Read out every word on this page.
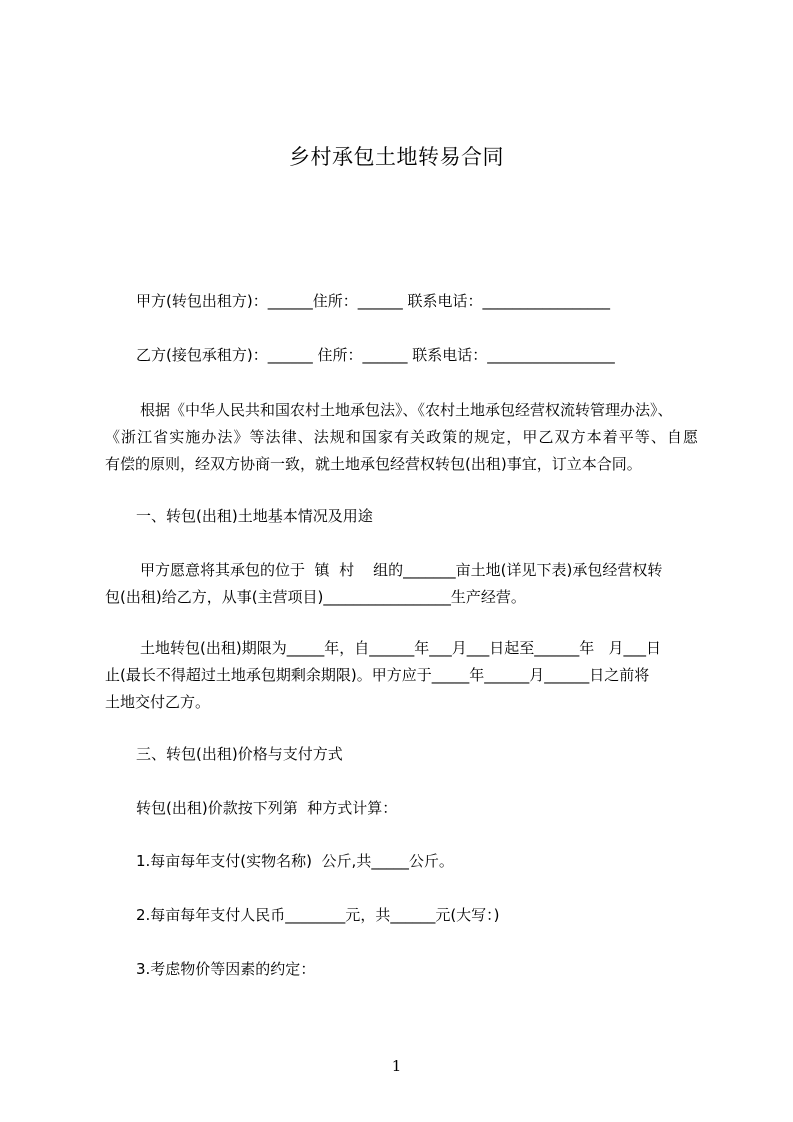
乡村承包土地转易合同
甲方(转包出租方)：______住所：______ 联系电话：_________________
乙方(接包承租方)：______ 住所：______ 联系电话：_________________
根据《中华人民共和国农村土地承包法》、《农村土地承包经营权流转管理办法》、
《浙江省实施办法》等法律、法规和国家有关政策的规定，甲乙双方本着平等、自愿
有偿的原则，经双方协商一致，就土地承包经营权转包(出租)事宜，订立本合同。
一、转包(出租)土地基本情况及用途
甲方愿意将其承包的位于  镇  村    组的_______亩土地(详见下表)承包经营权转
包(出租)给乙方，从事(主营项目)_________________生产经营。
土地转包(出租)期限为_____年，自______年___月___日起至______年   月___日
止(最长不得超过土地承包期剩余期限)。甲方应于_____年______月______日之前将
土地交付乙方。
三、转包(出租)价格与支付方式
转包(出租)价款按下列第  种方式计算：
1.每亩每年支付(实物名称)  公斤,共_____公斤。
2.每亩每年支付人民币________元，共______元(大写：)
3.考虑物价等因素的约定：
1
